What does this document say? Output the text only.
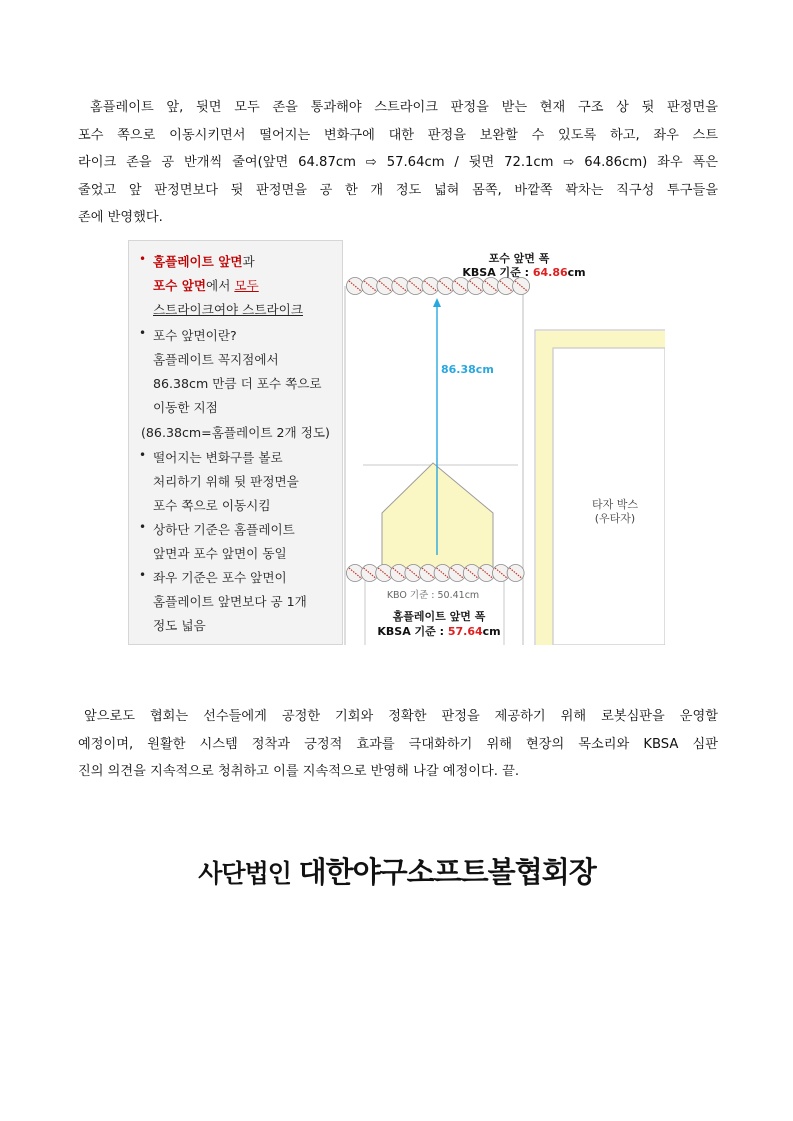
홈플레이트 앞, 뒷면 모두 존을 통과해야 스트라이크 판정을 받는 현재 구조 상 뒷 판정면을
포수 쪽으로 이동시키면서 떨어지는 변화구에 대한 판정을 보완할 수 있도록 하고, 좌우 스트
라이크 존을 공 반개씩 줄여(앞면 64.87cm ⇨ 57.64cm / 뒷면 72.1cm ⇨ 64.86cm) 좌우 폭은
줄었고 앞 판정면보다 뒷 판정면을 공 한 개 정도 넓혀 몸쪽, 바깥쪽 꽉차는 직구성 투구들을
존에 반영했다.
• 홈플레이트 앞면과
포수 앞면에서 모두
스트라이크여야 스트라이크
• 포수 앞면이란?
홈플레이트 꼭지점에서
86.38cm 만큼 더 포수 쪽으로
이동한 지점
(86.38cm=홈플레이트 2개 정도)
• 떨어지는 변화구를 볼로
처리하기 위해 뒷 판정면을
포수 쪽으로 이동시킴
• 상하단 기준은 홈플레이트
앞면과 포수 앞면이 동일
• 좌우 기준은 포수 앞면이
홈플레이트 앞면보다 공 1개
정도 넓음
포수 앞면 폭
KBSA 기준 : 64.86cm
86.38cm
타자 박스
(우타자)
KBO 기준 : 50.41cm
홈플레이트 앞면 폭
KBSA 기준 : 57.64cm
앞으로도 협회는 선수들에게 공정한 기회와 정확한 판정을 제공하기 위해 로봇심판을 운영할
예정이며, 원활한 시스템 정착과 긍정적 효과를 극대화하기 위해 현장의 목소리와 KBSA 심판
진의 의견을 지속적으로 청취하고 이를 지속적으로 반영해 나갈 예정이다. 끝.
사단법인 대한야구소프트볼협회장
